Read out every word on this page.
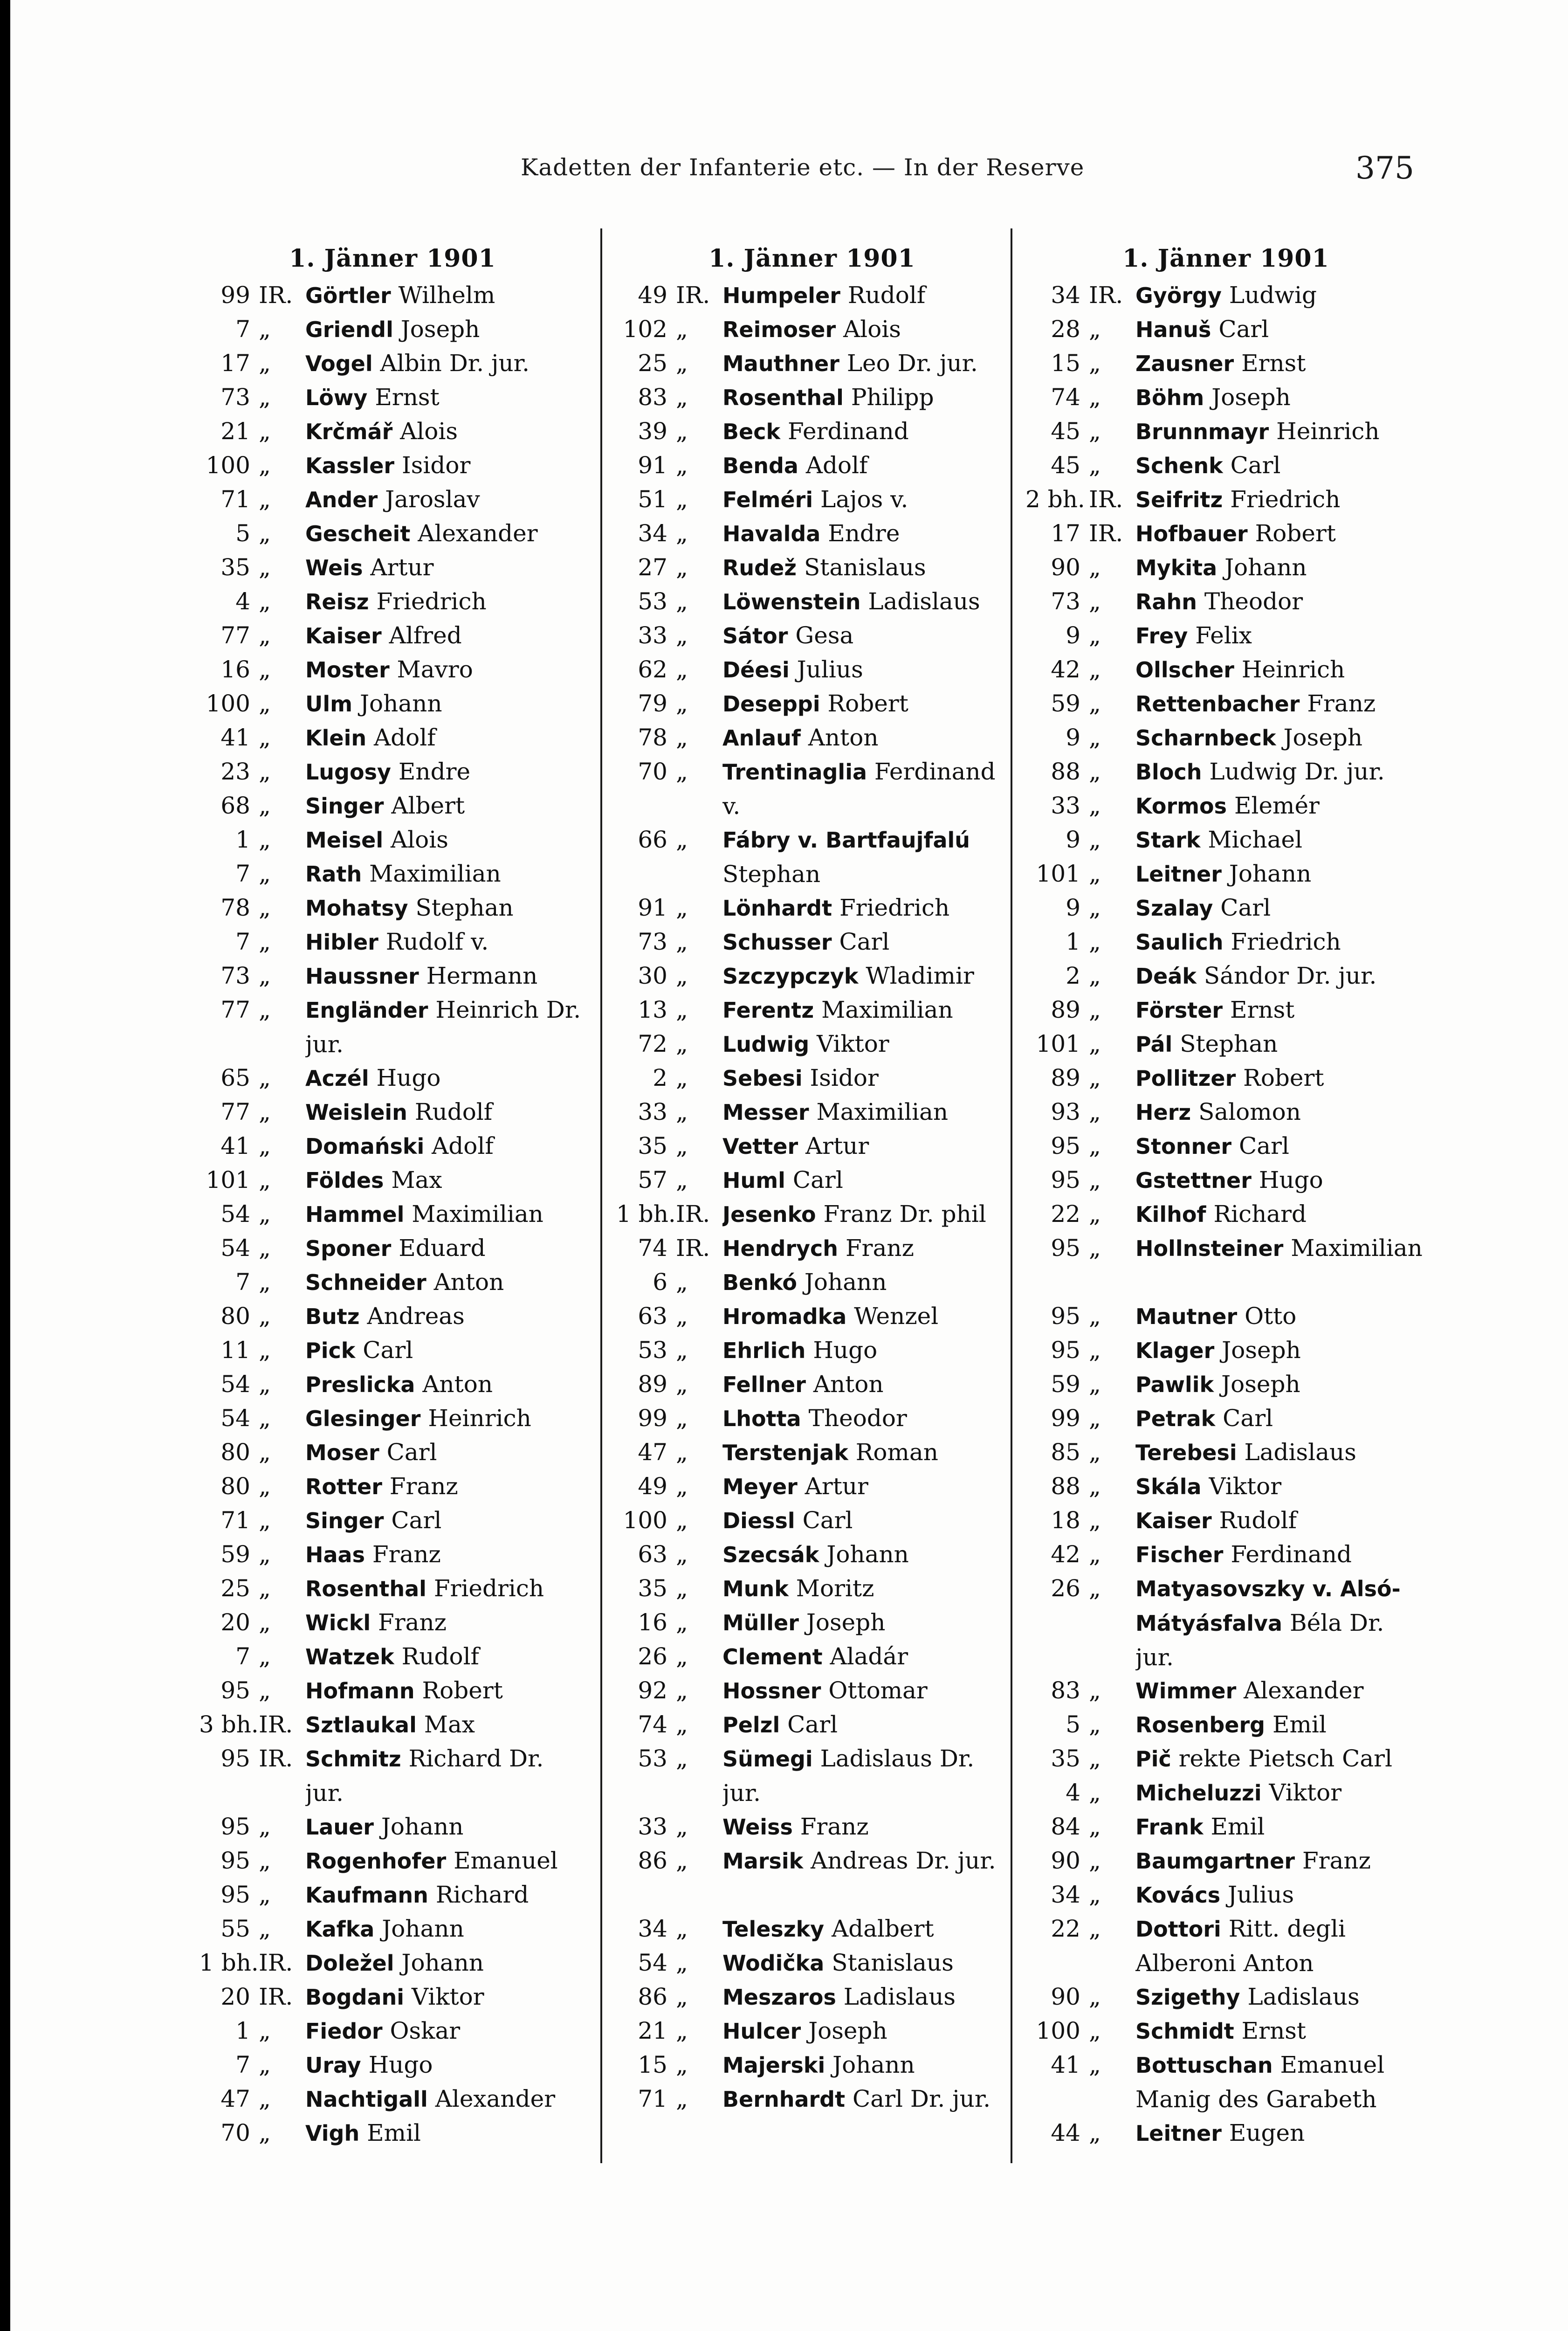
Kadetten der Infanterie etc. — In der Reserve	375
1. Jänner 1901
99 IR. Görtler Wilhelm
7 „	Griendl Joseph
17 „	Vogel Albin Dr. jur.
73 „	Löwy Ernst
21 „	Krčmář Alois
100 „	Kassler Isidor
71 „	Ander Jaroslav
5 „	Gescheit Alexander
35 „	Weis Artur
4 „	Reisz Friedrich
77 „	Kaiser Alfred
16 „	Moster Mavro
100 „	Ulm Johann
41 „	Klein Adolf
23 „	Lugosy Endre
68 „	Singer Albert
1 „	Meisel Alois
7 „	Rath Maximilian
78 „	Mohatsy Stephan
7 „	Hibler Rudolf v.
73 „	Haussner Hermann
77 „	Engländer Heinrich Dr. jur.
65 „	Aczél Hugo
77 „	Weislein Rudolf
41 „	Domański Adolf
101 „	Földes Max
54 „	Hammel Maximilian
54 „	Sponer Eduard
7 „	Schneider Anton
80 „	Butz Andreas
11 „	Pick Carl
54 „	Preslicka Anton
54 „	Glesinger Heinrich
80 „	Moser Carl
80 „	Rotter Franz
71 „	Singer Carl
59 „	Haas Franz
25 „	Rosenthal Friedrich
20 „	Wickl Franz
7 „	Watzek Rudolf
95 „	Hofmann Robert
3 bh. IR. Sztlaukal Max
95 IR. Schmitz Richard Dr. jur.
95 „	Lauer Johann
95 „	Rogenhofer Emanuel
95 „	Kaufmann Richard
55 „	Kafka Johann
1 bh. IR. Doležel Johann
20 IR. Bogdani Viktor
1 „	Fiedor Oskar
7 „	Uray Hugo
47 „	Nachtigall Alexander
70 „	Vigh Emil
1. Jänner 1901
49 IR. Humpeler Rudolf
102 „	Reimoser Alois
25 „	Mauthner Leo Dr. jur.
83 „	Rosenthal Philipp
39 „	Beck Ferdinand
91 „	Benda Adolf
51 „	Felméri Lajos v.
34 „	Havalda Endre
27 „	Rudež Stanislaus
53 „	Löwenstein Ladislaus
33 „	Sátor Gesa
62 „	Déesi Julius
79 „	Deseppi Robert
78 „	Anlauf Anton
70 „	Trentinaglia Ferdinand v.
66 „	Fábry v. Bartfaujfalú Stephan
91 „	Lönhardt Friedrich
73 „	Schusser Carl
30 „	Szczypczyk Wladimir
13 „	Ferentz Maximilian
72 „	Ludwig Viktor
2 „	Sebesi Isidor
33 „	Messer Maximilian
35 „	Vetter Artur
57 „	Huml Carl
1 bh. IR. Jesenko Franz Dr. phil
74 IR. Hendrych Franz
6 „	Benkó Johann
63 „	Hromadka Wenzel
53 „	Ehrlich Hugo
89 „	Fellner Anton
99 „	Lhotta Theodor
47 „	Terstenjak Roman
49 „	Meyer Artur
100 „	Diessl Carl
63 „	Szecsák Johann
35 „	Munk Moritz
16 „	Müller Joseph
26 „	Clement Aladár
92 „	Hossner Ottomar
74 „	Pelzl Carl
53 „	Sümegi Ladislaus Dr. jur.
33 „	Weiss Franz
86 „	Marsik Andreas Dr. jur.
34 „	Teleszky Adalbert
54 „	Wodička Stanislaus
86 „	Meszaros Ladislaus
21 „	Hulcer Joseph
15 „	Majerski Johann
71 „	Bernhardt Carl Dr. jur.
1. Jänner 1901
34 IR. György Ludwig
28 „	Hanuš Carl
15 „	Zausner Ernst
74 „	Böhm Joseph
45 „	Brunnmayr Heinrich
45 „	Schenk Carl
2 bh. IR. Seifritz Friedrich
17 IR. Hofbauer Robert
90 „	Mykita Johann
73 „	Rahn Theodor
9 „	Frey Felix
42 „	Ollscher Heinrich
59 „	Rettenbacher Franz
9 „	Scharnbeck Joseph
88 „	Bloch Ludwig Dr. jur.
33 „	Kormos Elemér
9 „	Stark Michael
101 „	Leitner Johann
9 „	Szalay Carl
1 „	Saulich Friedrich
2 „	Deák Sándor Dr. jur.
89 „	Förster Ernst
101 „	Pál Stephan
89 „	Pollitzer Robert
93 „	Herz Salomon
95 „	Stonner Carl
95 „	Gstettner Hugo
22 „	Kilhof Richard
95 „	Hollnsteiner Maximilian
95 „	Mautner Otto
95 „	Klager Joseph
59 „	Pawlik Joseph
99 „	Petrak Carl
85 „	Terebesi Ladislaus
88 „	Skála Viktor
18 „	Kaiser Rudolf
42 „	Fischer Ferdinand
26 „	Matyasovszky v. Alsó-Mátyásfalva Béla Dr. jur.
83 „	Wimmer Alexander
5 „	Rosenberg Emil
35 „	Pič rekte Pietsch Carl
4 „	Micheluzzi Viktor
84 „	Frank Emil
90 „	Baumgartner Franz
34 „	Kovács Julius
22 „	Dottori Ritt. degli Alberoni Anton
90 „	Szigethy Ladislaus
100 „	Schmidt Ernst
41 „	Bottuschan Emanuel Manig des Garabeth
44 „	Leitner Eugen
